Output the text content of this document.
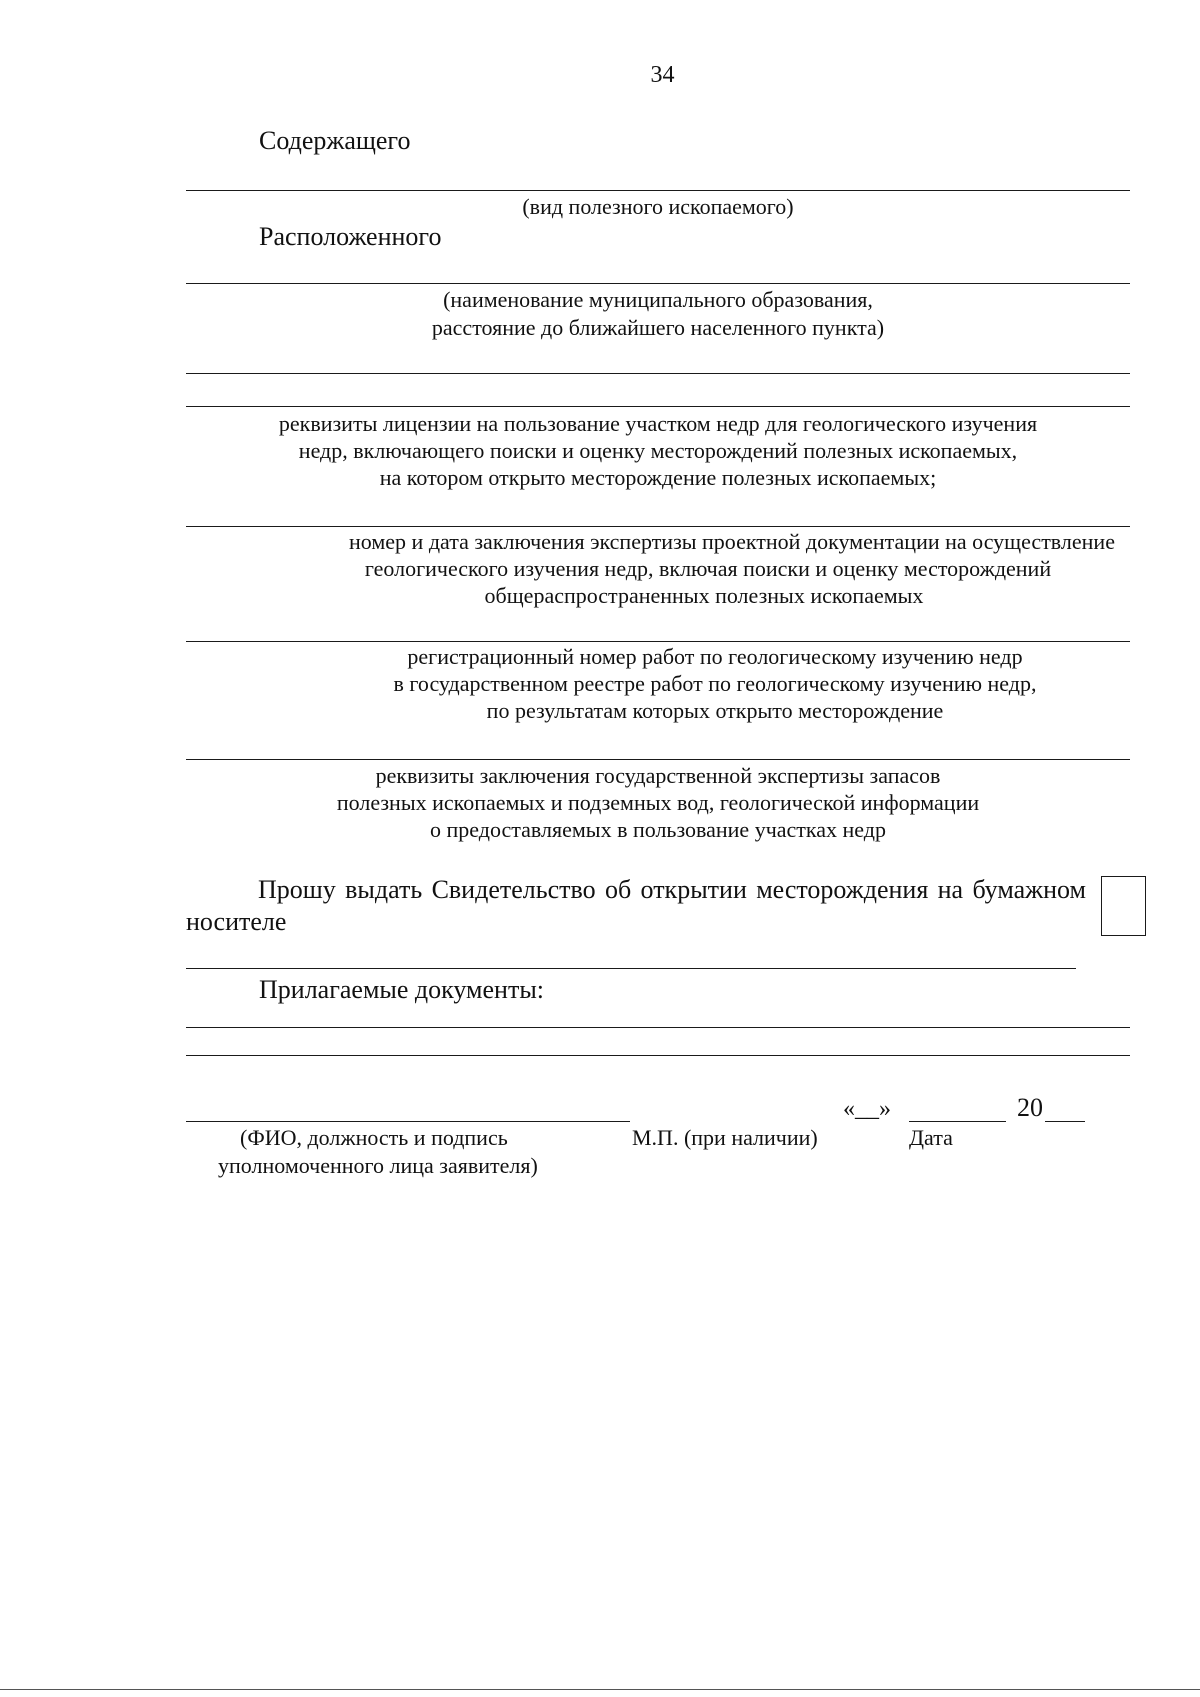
34
Содержащего
(вид полезного ископаемого)
Расположенного
(наименование муниципального образования,
расстояние до ближайшего населенного пункта)
реквизиты лицензии на пользование участком недр для геологического изучения
недр, включающего поиски и оценку месторождений полезных ископаемых,
на котором открыто месторождение полезных ископаемых;
номер и дата заключения экспертизы проектной документации на осуществление
геологического изучения недр, включая поиски и оценку месторождений
общераспространенных полезных ископаемых
регистрационный номер работ по геологическому изучению недр
в государственном реестре работ по геологическому изучению недр,
по результатам которых открыто месторождение
реквизиты заключения государственной экспертизы запасов
полезных ископаемых и подземных вод, геологической информации
о предоставляемых в пользование участках недр
Прошу выдать Свидетельство об открытии месторождения на бумажном носителе
Прилагаемые документы:
«__»	20
(ФИО, должность и подпись
уполномоченного лица заявителя)
М.П. (при наличии)	Дата
